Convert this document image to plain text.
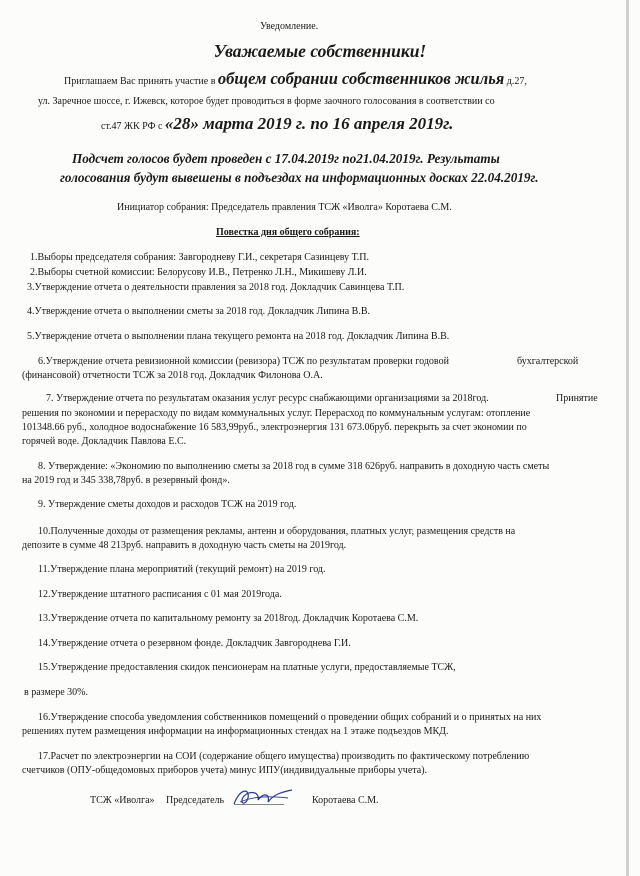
Уведомление.
Уважаемые собственники!
Приглашаем Вас принять участие в общем собрании собственников жилья д.27,
ул. Заречное шоссе, г. Ижевск, которое будет проводиться в форме заочного голосования в соответствии со
ст.47 ЖК РФ с «28» марта 2019 г. по 16 апреля 2019г.
Подсчет голосов будет проведен с 17.04.2019г по21.04.2019г. Результаты
голосования будут вывешены в подъездах на информационных досках 22.04.2019г.
Инициатор собрания: Председатель правления ТСЖ «Иволга» Коротаева С.М.
Повестка дня общего собрания:
1.Выборы председателя собрания: Завгородневу Г.И., секретаря Сазинцеву Т.П.
2.Выборы счетной комиссии: Белорусову И.В., Петренко Л.Н., Микишеву Л.И.
3.Утверждение отчета о деятельности правления за 2018 год. Докладчик Савинцева Т.П.
4.Утверждение отчета о выполнении сметы за 2018 год. Докладчик Липина В.В.
5.Утверждение отчета о выполнении плана текущего ремонта на 2018 год. Докладчик Липина В.В.
6.Утверждение отчета ревизионной комиссии (ревизора) ТСЖ по результатам проверки годовой	бухгалтерской
(финансовой) отчетности ТСЖ за 2018 год. Докладчик Филонова О.А.
7. Утверждение отчета по результатам оказания услуг ресурс снабжающими организациями за 2018год.	Принятие
решения по экономии и перерасходу по видам коммунальных услуг. Перерасход по коммунальным услугам: отопление
101348.66 руб., холодное водоснабжение 16 583,99руб., электроэнергия 131 673.06руб. перекрыть за счет экономии по
горячей воде. Докладчик Павлова Е.С.
8. Утверждение: «Экономию по выполнению сметы за 2018 год в сумме 318 626руб. направить в доходную часть сметы
на 2019 год и 345 338,78руб. в резервный фонд».
9. Утверждение сметы доходов и расходов ТСЖ на 2019 год.
10.Полученные доходы от размещения рекламы, антенн и оборудования, платных услуг, размещения средств на
депозите в сумме 48 213руб. направить в доходную часть сметы на 2019год.
11.Утверждение плана мероприятий (текущий ремонт) на 2019 год.
12.Утверждение штатного расписания с 01 мая 2019года.
13.Утверждение отчета по капитальному ремонту за 2018год. Докладчик Коротаева С.М.
14.Утверждение отчета о резервном фонде. Докладчик Завгороднева Г.И.
15.Утверждение предоставления скидок пенсионерам на платные услуги, предоставляемые ТСЖ,
в размере 30%.
16.Утверждение способа уведомления собственников помещений о проведении общих собраний и о принятых на них
решениях путем размещения информации на информационных стендах на 1 этаже подъездов МКД.
17.Расчет по электроэнергии на СОИ (содержание общего имущества) производить по фактическому потреблению
счетчиков (ОПУ-общедомовых приборов учета) минус ИПУ(индивидуальные приборы учета).
ТСЖ «Иволга» Председатель __________	Коротаева С.М.
